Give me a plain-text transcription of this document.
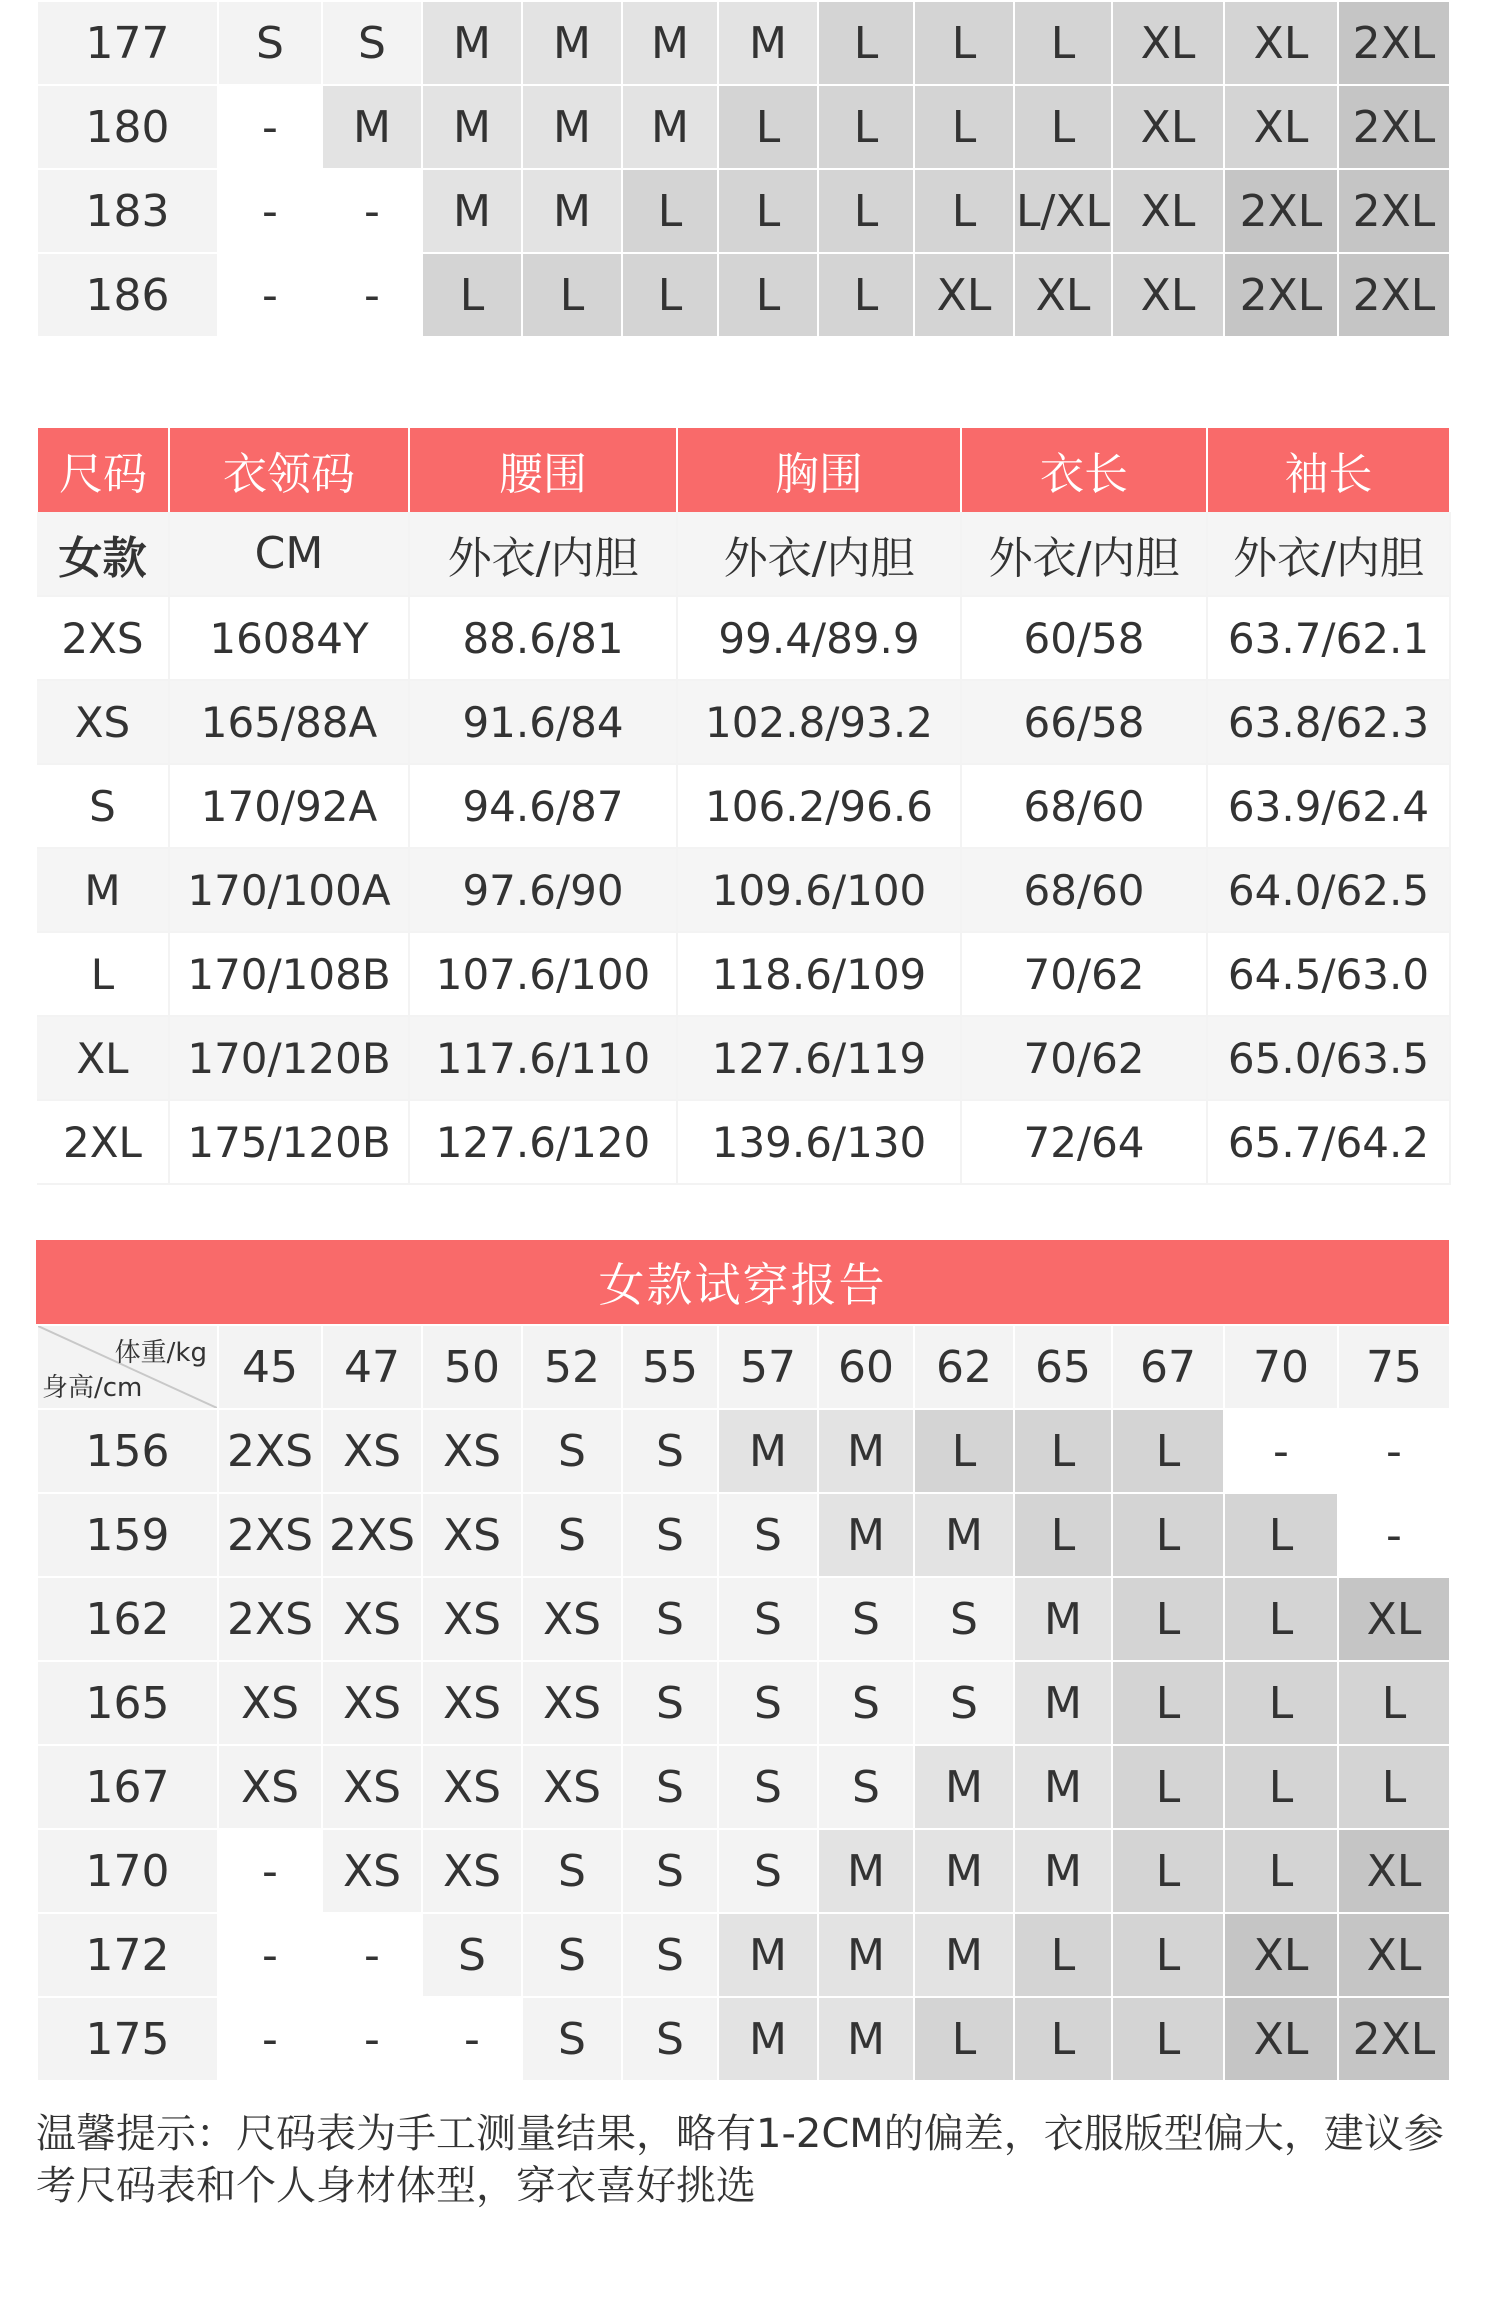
177	S	S	M	M	M	M	L	L	L	XL	XL	2XL
180	-	M	M	M	M	L	L	L	L	XL	XL	2XL
183	-	-	M	M	L	L	L	L	L/XL	XL	2XL	2XL
186	-	-	L	L	L	L	L	XL	XL	XL	2XL	2XL
尺码	衣领码	腰围	胸围	衣长	袖长
女款	CM	外衣/内胆	外衣/内胆	外衣/内胆	外衣/内胆
2XS	16084Y	88.6/81	99.4/89.9	60/58	63.7/62.1
XS	165/88A	91.6/84	102.8/93.2	66/58	63.8/62.3
S	170/92A	94.6/87	106.2/96.6	68/60	63.9/62.4
M	170/100A	97.6/90	109.6/100	68/60	64.0/62.5
L	170/108B	107.6/100	118.6/109	70/62	64.5/63.0
XL	170/120B	117.6/110	127.6/119	70/62	65.0/63.5
2XL	175/120B	127.6/120	139.6/130	72/64	65.7/64.2
女款试穿报告
体重/kg
身高/cm	45	47	50	52	55	57	60	62	65	67	70	75
156	2XS	XS	XS	S	S	M	M	L	L	L	-	-
159	2XS	2XS	XS	S	S	S	M	M	L	L	L	-
162	2XS	XS	XS	XS	S	S	S	S	M	L	L	XL
165	XS	XS	XS	XS	S	S	S	S	M	L	L	L
167	XS	XS	XS	XS	S	S	S	M	M	L	L	L
170	-	XS	XS	S	S	S	M	M	M	L	L	XL
172	-	-	S	S	S	M	M	M	L	L	XL	XL
175	-	-	-	S	S	M	M	L	L	L	XL	2XL
温馨提示：尺码表为手工测量结果，略有1-2CM的偏差，衣服版型偏大，建议参考尺码表和个人身材体型，穿衣喜好挑选
